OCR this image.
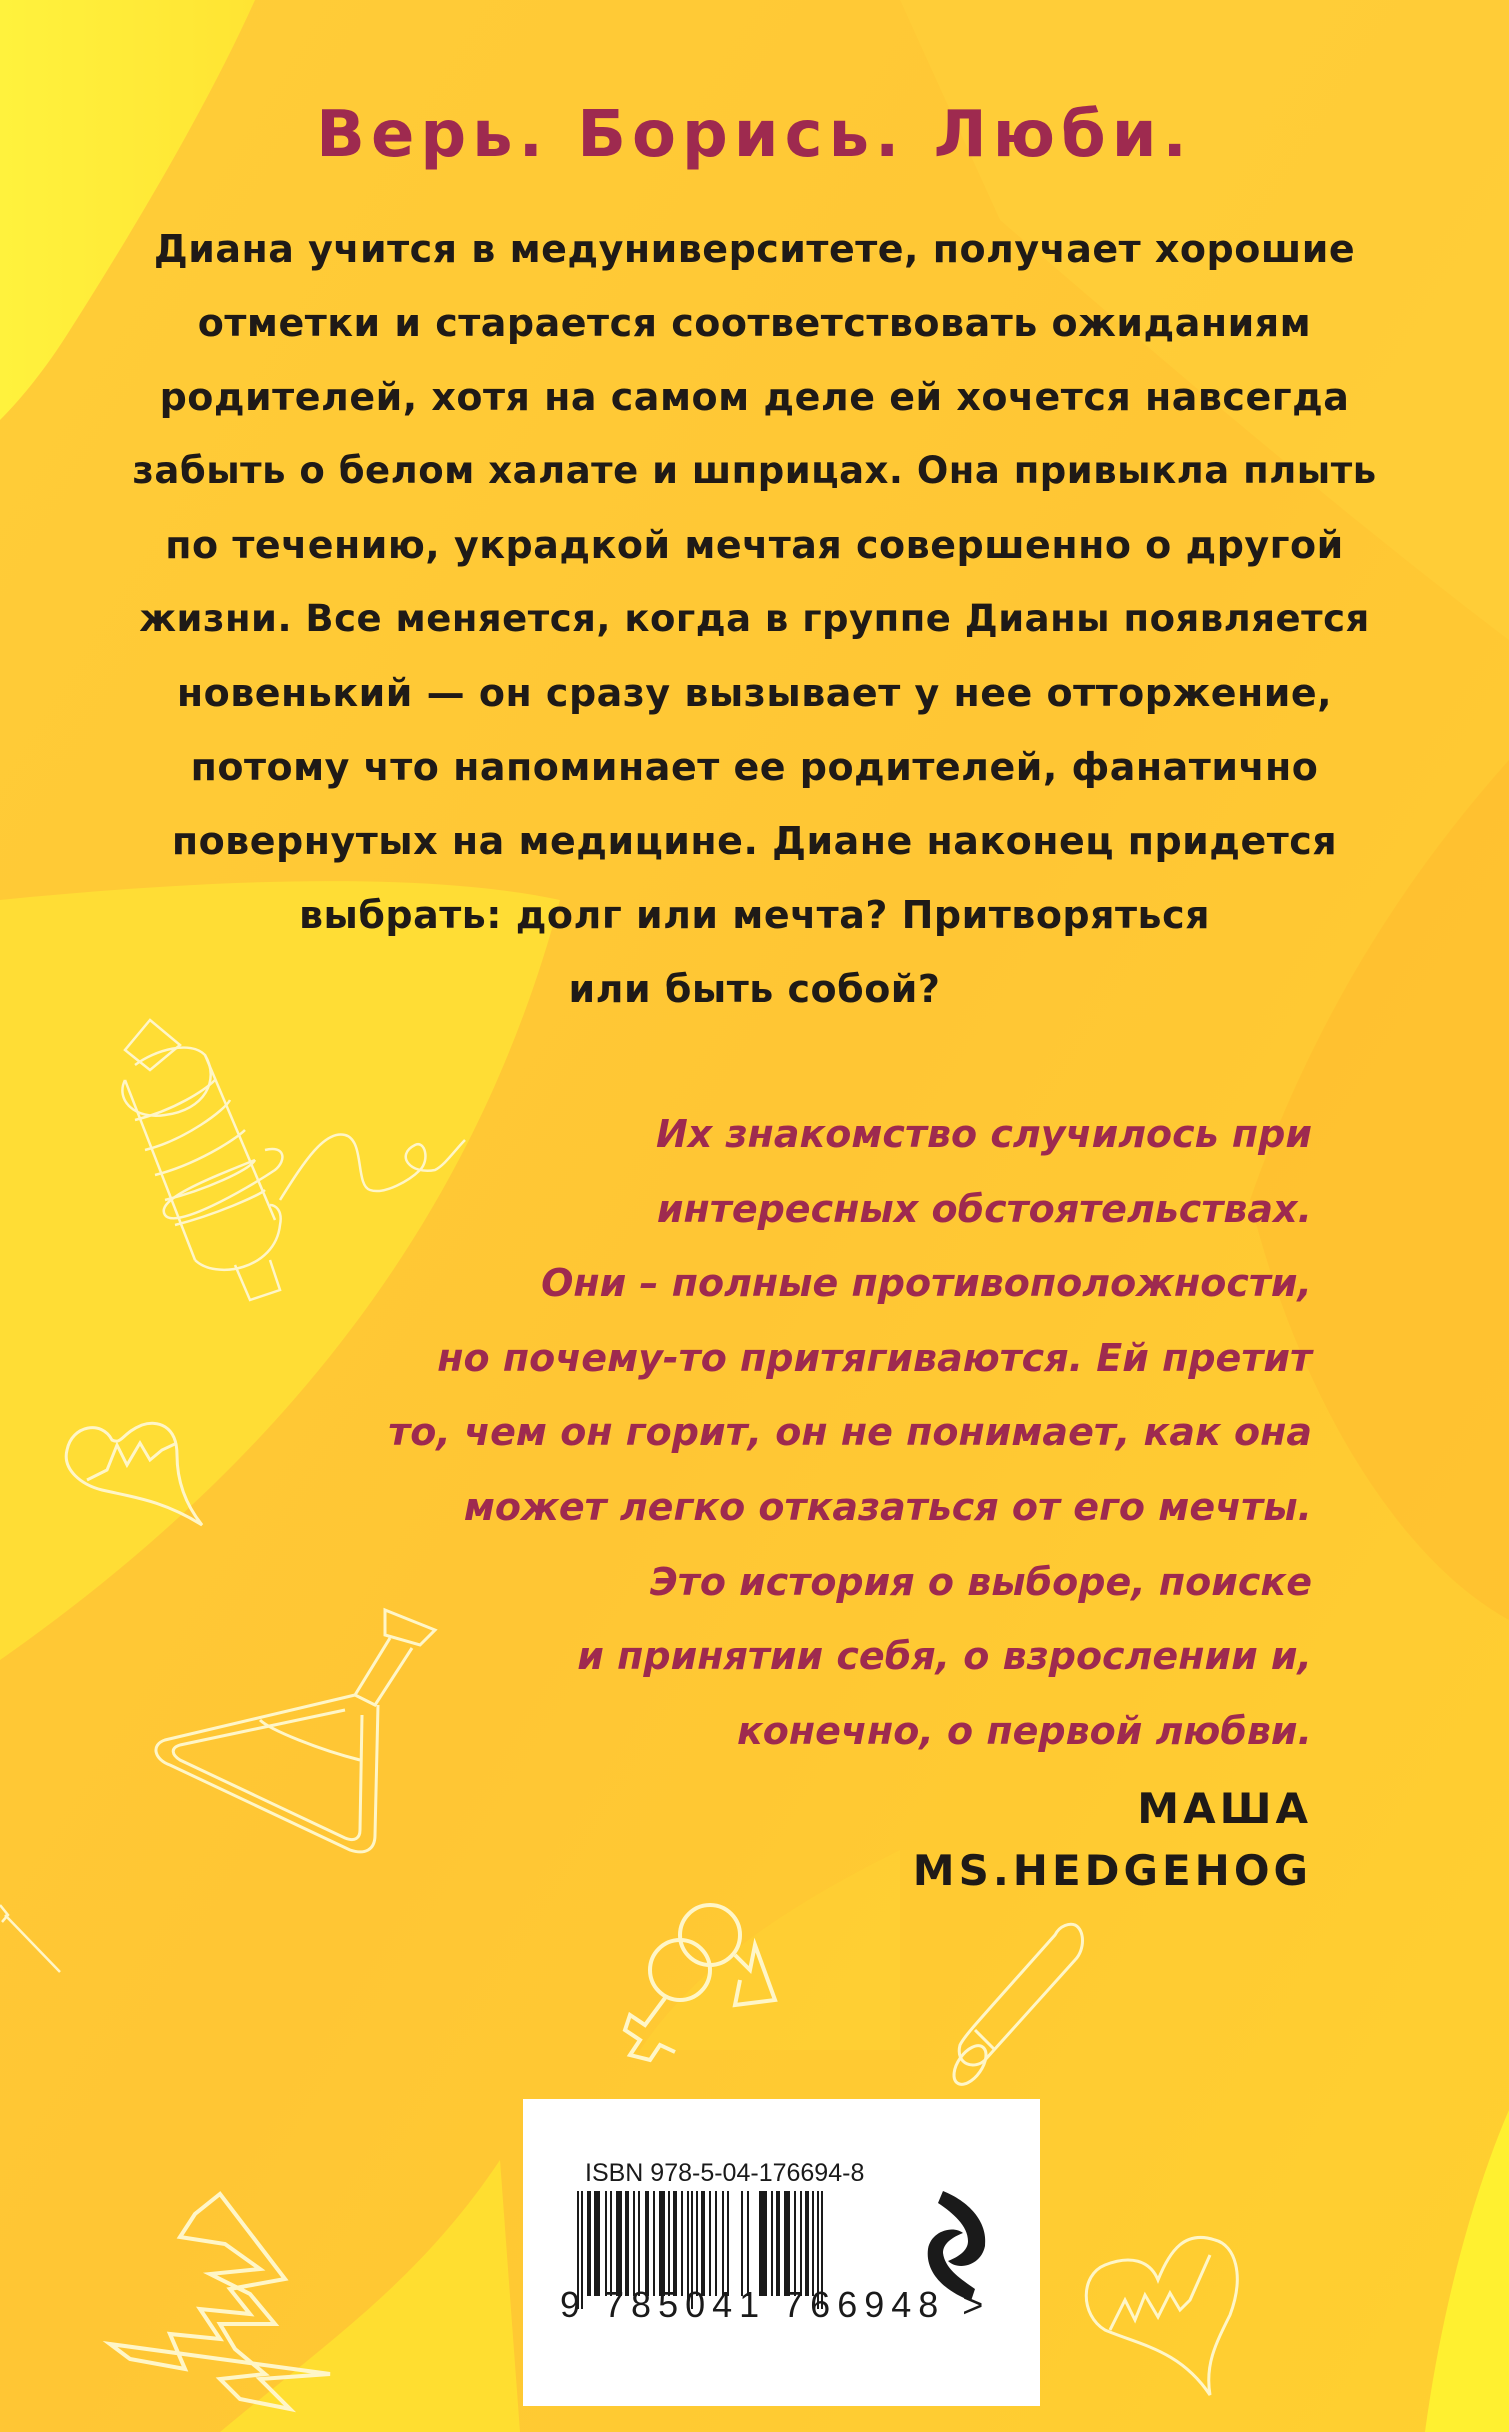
Верь. Борись. Люби.
Диана учится в медуниверситете, получает хорошие
отметки и старается соответствовать ожиданиям
родителей, хотя на самом деле ей хочется навсегда
забыть о белом халате и шприцах. Она привыкла плыть
по течению, украдкой мечтая совершенно о другой
жизни. Все меняется, когда в группе Дианы появляется
новенький — он сразу вызывает у нее отторжение,
потому что напоминает ее родителей, фанатично
повернутых на медицине. Диане наконец придется
выбрать: долг или мечта? Притворяться
или быть собой?
Их знакомство случилось при
интересных обстоятельствах.
Они – полные противоположности,
но почему-то притягиваются. Ей претит
то, чем он горит, он не понимает, как она
может легко отказаться от его мечты.
Это история о выборе, поиске
и принятии себя, о взрослении и,
конечно, о первой любви.
МАША
MS.HEDGEHOG
ISBN 978-5-04-176694-8
9 785041 766948 >
